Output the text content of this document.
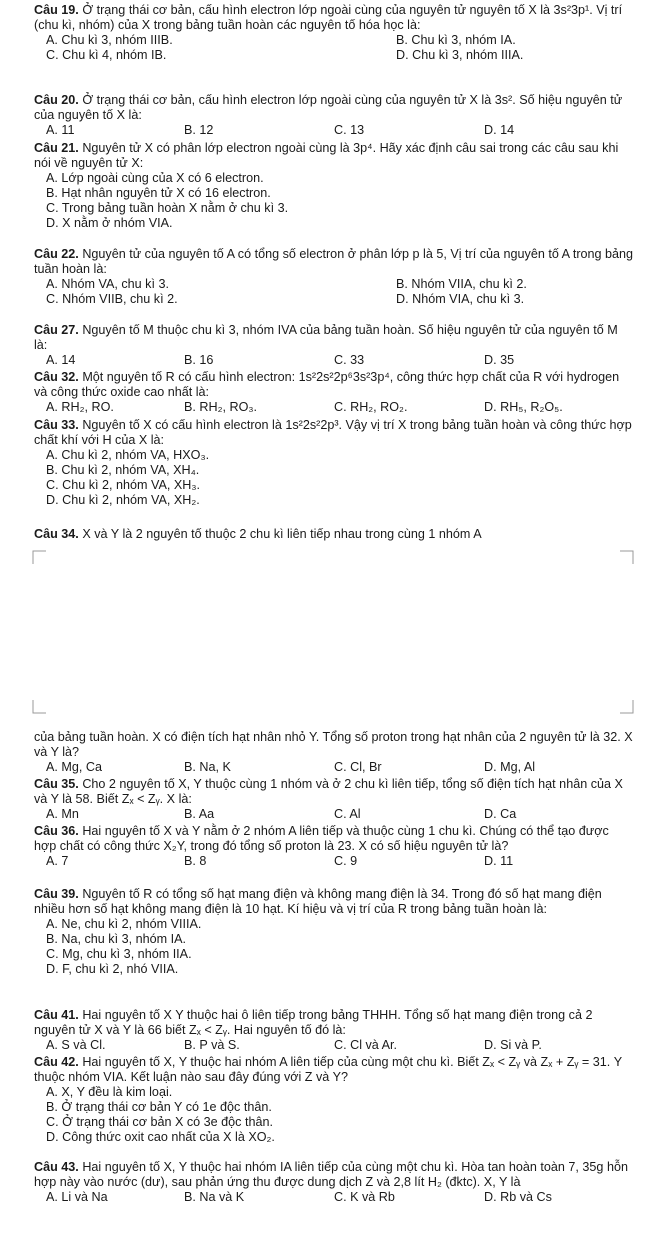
Câu 19. Ở trạng thái cơ bản, cấu hình electron lớp ngoài cùng của nguyên tử nguyên tố X là 3s²3p¹. Vị trí (chu kì, nhóm) của X trong bảng tuần hoàn các nguyên tố hóa học là:

A. Chu kì 3, nhóm IIIB.	B. Chu kì 3, nhóm IA.
C. Chu kì 4, nhóm IB.	D. Chu kì 3, nhóm IIIA.

Câu 20. Ở trạng thái cơ bản, cấu hình electron lớp ngoài cùng của nguyên tử X là 3s². Số hiệu nguyên tử của nguyên tố X là:

A. 11	B. 12	C. 13	D. 14

Câu 21. Nguyên tử X có phân lớp electron ngoài cùng là 3p⁴. Hãy xác định câu sai trong các câu sau khi nói về nguyên tử X:

A. Lớp ngoài cùng của X có 6 electron.
B. Hạt nhân nguyên tử X có 16 electron.
C. Trong bảng tuần hoàn X nằm ở chu kì 3.
D. X nằm ở nhóm VIA.

Câu 22. Nguyên tử của nguyên tố A có tổng số electron ở phân lớp p là 5, Vị trí của nguyên tố A trong bảng tuần hoàn là:

A. Nhóm VA, chu kì 3.	B. Nhóm VIIA, chu kì 2.
C. Nhóm VIIB, chu kì 2.	D. Nhóm VIA, chu kì 3.

Câu 27. Nguyên tố M thuộc chu kì 3, nhóm IVA của bảng tuần hoàn. Số hiệu nguyên tử của nguyên tố M là:

A. 14	B. 16	C. 33	D. 35

Câu 32. Một nguyên tố R có cấu hình electron: 1s²2s²2p⁶3s²3p⁴, công thức hợp chất của R với hydrogen và công thức oxide cao nhất là:

A. RH₂, RO.	B. RH₂, RO₃.	C. RH₂, RO₂.	D. RH₅, R₂O₅.

Câu 33. Nguyên tố X có cấu hình electron là 1s²2s²2p³. Vậy vị trí X trong bảng tuần hoàn và công thức hợp chất khí với H của X là:

A. Chu kì 2, nhóm VA, HXO₃.
B. Chu kì 2, nhóm VA, XH₄.
C. Chu kì 2, nhóm VA, XH₃.
D. Chu kì 2, nhóm VA, XH₂.

Câu 34. X và Y là 2 nguyên tố thuộc 2 chu kì liên tiếp nhau trong cùng 1 nhóm A

của bảng tuần hoàn. X có điện tích hạt nhân nhỏ Y. Tổng số proton trong hạt nhân của 2 nguyên tử là 32. X và Y là?

A. Mg, Ca	B. Na, K	C. Cl, Br	D. Mg, Al

Câu 35. Cho 2 nguyên tố X, Y thuộc cùng 1 nhóm và ở 2 chu kì liên tiếp, tổng số điện tích hạt nhân của X và Y là 58. Biết Zₓ < Zᵧ. X là:

A. Mn	B. Aa	C. Al	D. Ca

Câu 36. Hai nguyên tố X và Y nằm ở 2 nhóm A liên tiếp và thuộc cùng 1 chu kì. Chúng có thể tạo được hợp chất có công thức X₂Y, trong đó tổng số proton là 23. X có số hiệu nguyên tử là?

A. 7	B. 8	C. 9	D. 11

Câu 39. Nguyên tố R có tổng số hạt mang điện và không mang điện là 34. Trong đó số hạt mang điện nhiều hơn số hạt không mang điện là 10 hạt. Kí hiệu và vị trí của R trong bảng tuần hoàn là:

A. Ne, chu kì 2, nhóm VIIIA.
B. Na, chu kì 3, nhóm IA.
C. Mg, chu kì 3, nhóm IIA.
D. F, chu kì 2, nhó VIIA.

Câu 41. Hai nguyên tố X Y thuộc hai ô liên tiếp trong bảng THHH. Tổng số hạt mang điện trong cả 2 nguyên tử X và Y là 66 biết Zₓ < Zᵧ. Hai nguyên tố đó là:

A. S và Cl.	B. P và S.	C. Cl và Ar.	D. Si và P.

Câu 42. Hai nguyên tố X, Y thuộc hai nhóm A liên tiếp của cùng một chu kì. Biết Zₓ < Zᵧ và Zₓ + Zᵧ = 31. Y thuộc nhóm VIA. Kết luận nào sau đây đúng với Z và Y?

A. X, Y đều là kim loại.
B. Ở trạng thái cơ bản Y có 1e độc thân.
C. Ở trạng thái cơ bản X có 3e độc thân.
D. Công thức oxit cao nhất của X là XO₂.

Câu 43. Hai nguyên tố X, Y thuộc hai nhóm IA liên tiếp của cùng một chu kì. Hòa tan hoàn toàn 7, 35g hỗn hợp này vào nước (dư), sau phản ứng thu được dung dịch Z và 2,8 lít H₂ (đktc). X, Y là

A. Li và Na	B. Na và K	C. K và Rb	D. Rb và Cs
